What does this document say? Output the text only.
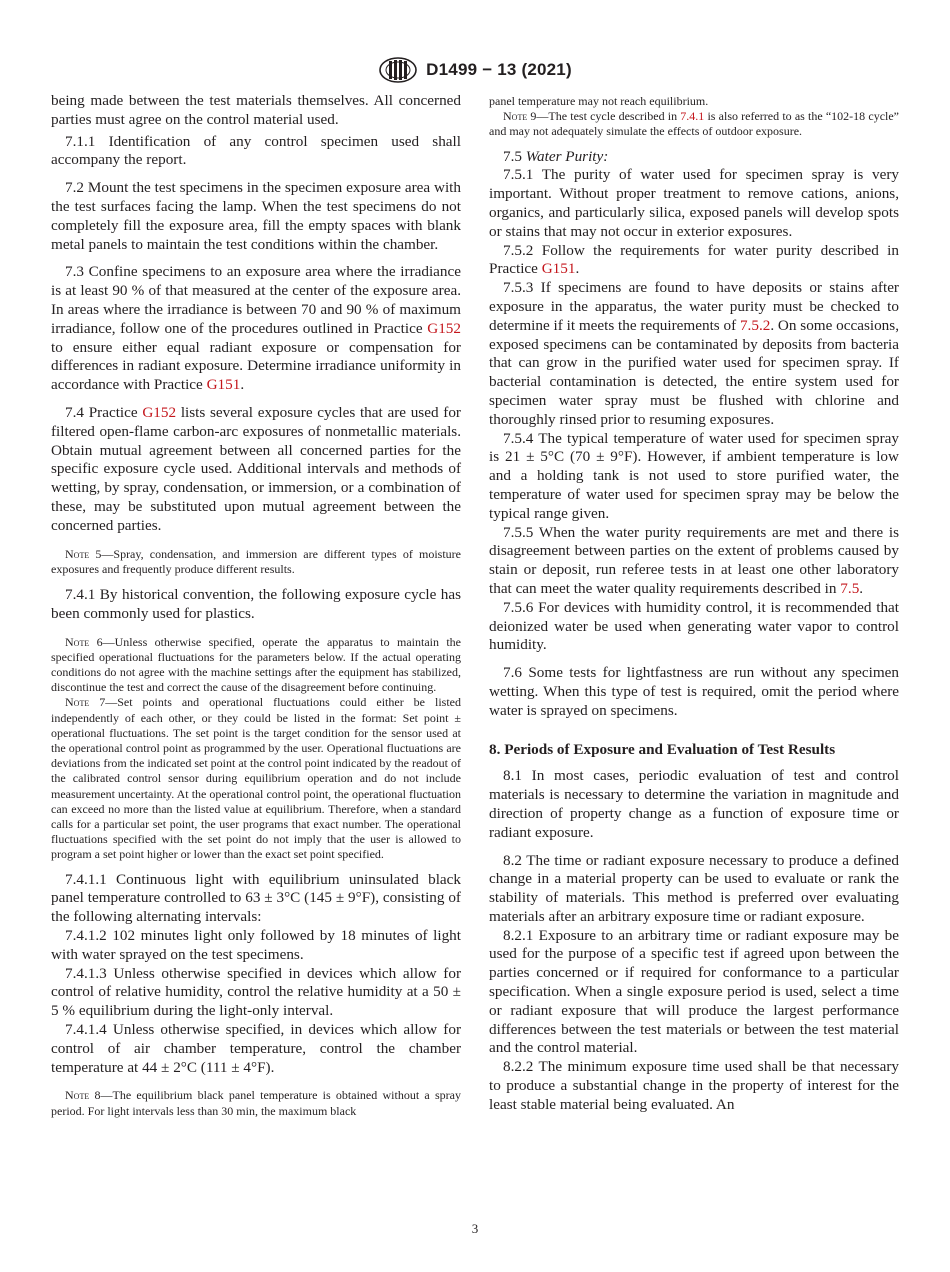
D1499 − 13 (2021)

being made between the test materials themselves. All concerned parties must agree on the control material used.

7.1.1 Identification of any control specimen used shall accompany the report.

7.2 Mount the test specimens in the specimen exposure area with the test surfaces facing the lamp. When the test specimens do not completely fill the exposure area, fill the empty spaces with blank metal panels to maintain the test conditions within the chamber.

7.3 Confine specimens to an exposure area where the irradiance is at least 90 % of that measured at the center of the exposure area. In areas where the irradiance is between 70 and 90 % of maximum irradiance, follow one of the procedures outlined in Practice G152 to ensure either equal radiant exposure or compensation for differences in radiant exposure. Determine irradiance uniformity in accordance with Practice G151.

7.4 Practice G152 lists several exposure cycles that are used for filtered open-flame carbon-arc exposures of nonmetallic materials. Obtain mutual agreement between all concerned parties for the specific exposure cycle used. Additional intervals and methods of wetting, by spray, condensation, or immersion, or a combination of these, may be substituted upon mutual agreement between the concerned parties.

Note 5—Spray, condensation, and immersion are different types of moisture exposures and frequently produce different results.

7.4.1 By historical convention, the following exposure cycle has been commonly used for plastics.

Note 6—Unless otherwise specified, operate the apparatus to maintain the specified operational fluctuations for the parameters below. If the actual operating conditions do not agree with the machine settings after the equipment has stabilized, discontinue the test and correct the cause of the disagreement before continuing.

Note 7—Set points and operational fluctuations could either be listed independently of each other, or they could be listed in the format: Set point ± operational fluctuations. The set point is the target condition for the sensor used at the operational control point as programmed by the user. Operational fluctuations are deviations from the indicated set point at the control point indicated by the readout of the calibrated control sensor during equilibrium operation and do not include measurement uncertainty. At the operational control point, the operational fluctuation can exceed no more than the listed value at equilibrium. Therefore, when a standard calls for a particular set point, the user programs that exact number. The operational fluctuations specified with the set point do not imply that the user is allowed to program a set point higher or lower than the exact set point specified.

7.4.1.1 Continuous light with equilibrium uninsulated black panel temperature controlled to 63 ± 3°C (145 ± 9°F), consisting of the following alternating intervals:

7.4.1.2 102 minutes light only followed by 18 minutes of light with water sprayed on the test specimens.

7.4.1.3 Unless otherwise specified in devices which allow for control of relative humidity, control the relative humidity at a 50 ± 5 % equilibrium during the light-only interval.

7.4.1.4 Unless otherwise specified, in devices which allow for control of air chamber temperature, control the chamber temperature at 44 ± 2°C (111 ± 4°F).

Note 8—The equilibrium black panel temperature is obtained without a spray period. For light intervals less than 30 min, the maximum black

panel temperature may not reach equilibrium.

Note 9—The test cycle described in 7.4.1 is also referred to as the “102-18 cycle” and may not adequately simulate the effects of outdoor exposure.

7.5 Water Purity:

7.5.1 The purity of water used for specimen spray is very important. Without proper treatment to remove cations, anions, organics, and particularly silica, exposed panels will develop spots or stains that may not occur in exterior exposures.

7.5.2 Follow the requirements for water purity described in Practice G151.

7.5.3 If specimens are found to have deposits or stains after exposure in the apparatus, the water purity must be checked to determine if it meets the requirements of 7.5.2. On some occasions, exposed specimens can be contaminated by deposits from bacteria that can grow in the purified water used for specimen spray. If bacterial contamination is detected, the entire system used for specimen water spray must be flushed with chlorine and thoroughly rinsed prior to resuming exposures.

7.5.4 The typical temperature of water used for specimen spray is 21 ± 5°C (70 ± 9°F). However, if ambient temperature is low and a holding tank is not used to store purified water, the temperature of water used for specimen spray may be below the typical range given.

7.5.5 When the water purity requirements are met and there is disagreement between parties on the extent of problems caused by stain or deposit, run referee tests in at least one other laboratory that can meet the water quality requirements described in 7.5.

7.5.6 For devices with humidity control, it is recommended that deionized water be used when generating water vapor to control humidity.

7.6 Some tests for lightfastness are run without any specimen wetting. When this type of test is required, omit the period where water is sprayed on specimens.

8. Periods of Exposure and Evaluation of Test Results

8.1 In most cases, periodic evaluation of test and control materials is necessary to determine the variation in magnitude and direction of property change as a function of exposure time or radiant exposure.

8.2 The time or radiant exposure necessary to produce a defined change in a material property can be used to evaluate or rank the stability of materials. This method is preferred over evaluating materials after an arbitrary exposure time or radiant exposure.

8.2.1 Exposure to an arbitrary time or radiant exposure may be used for the purpose of a specific test if agreed upon between the parties concerned or if required for conformance to a particular specification. When a single exposure period is used, select a time or radiant exposure that will produce the largest performance differences between the test materials or between the test material and the control material.

8.2.2 The minimum exposure time used shall be that necessary to produce a substantial change in the property of interest for the least stable material being evaluated. An

3
